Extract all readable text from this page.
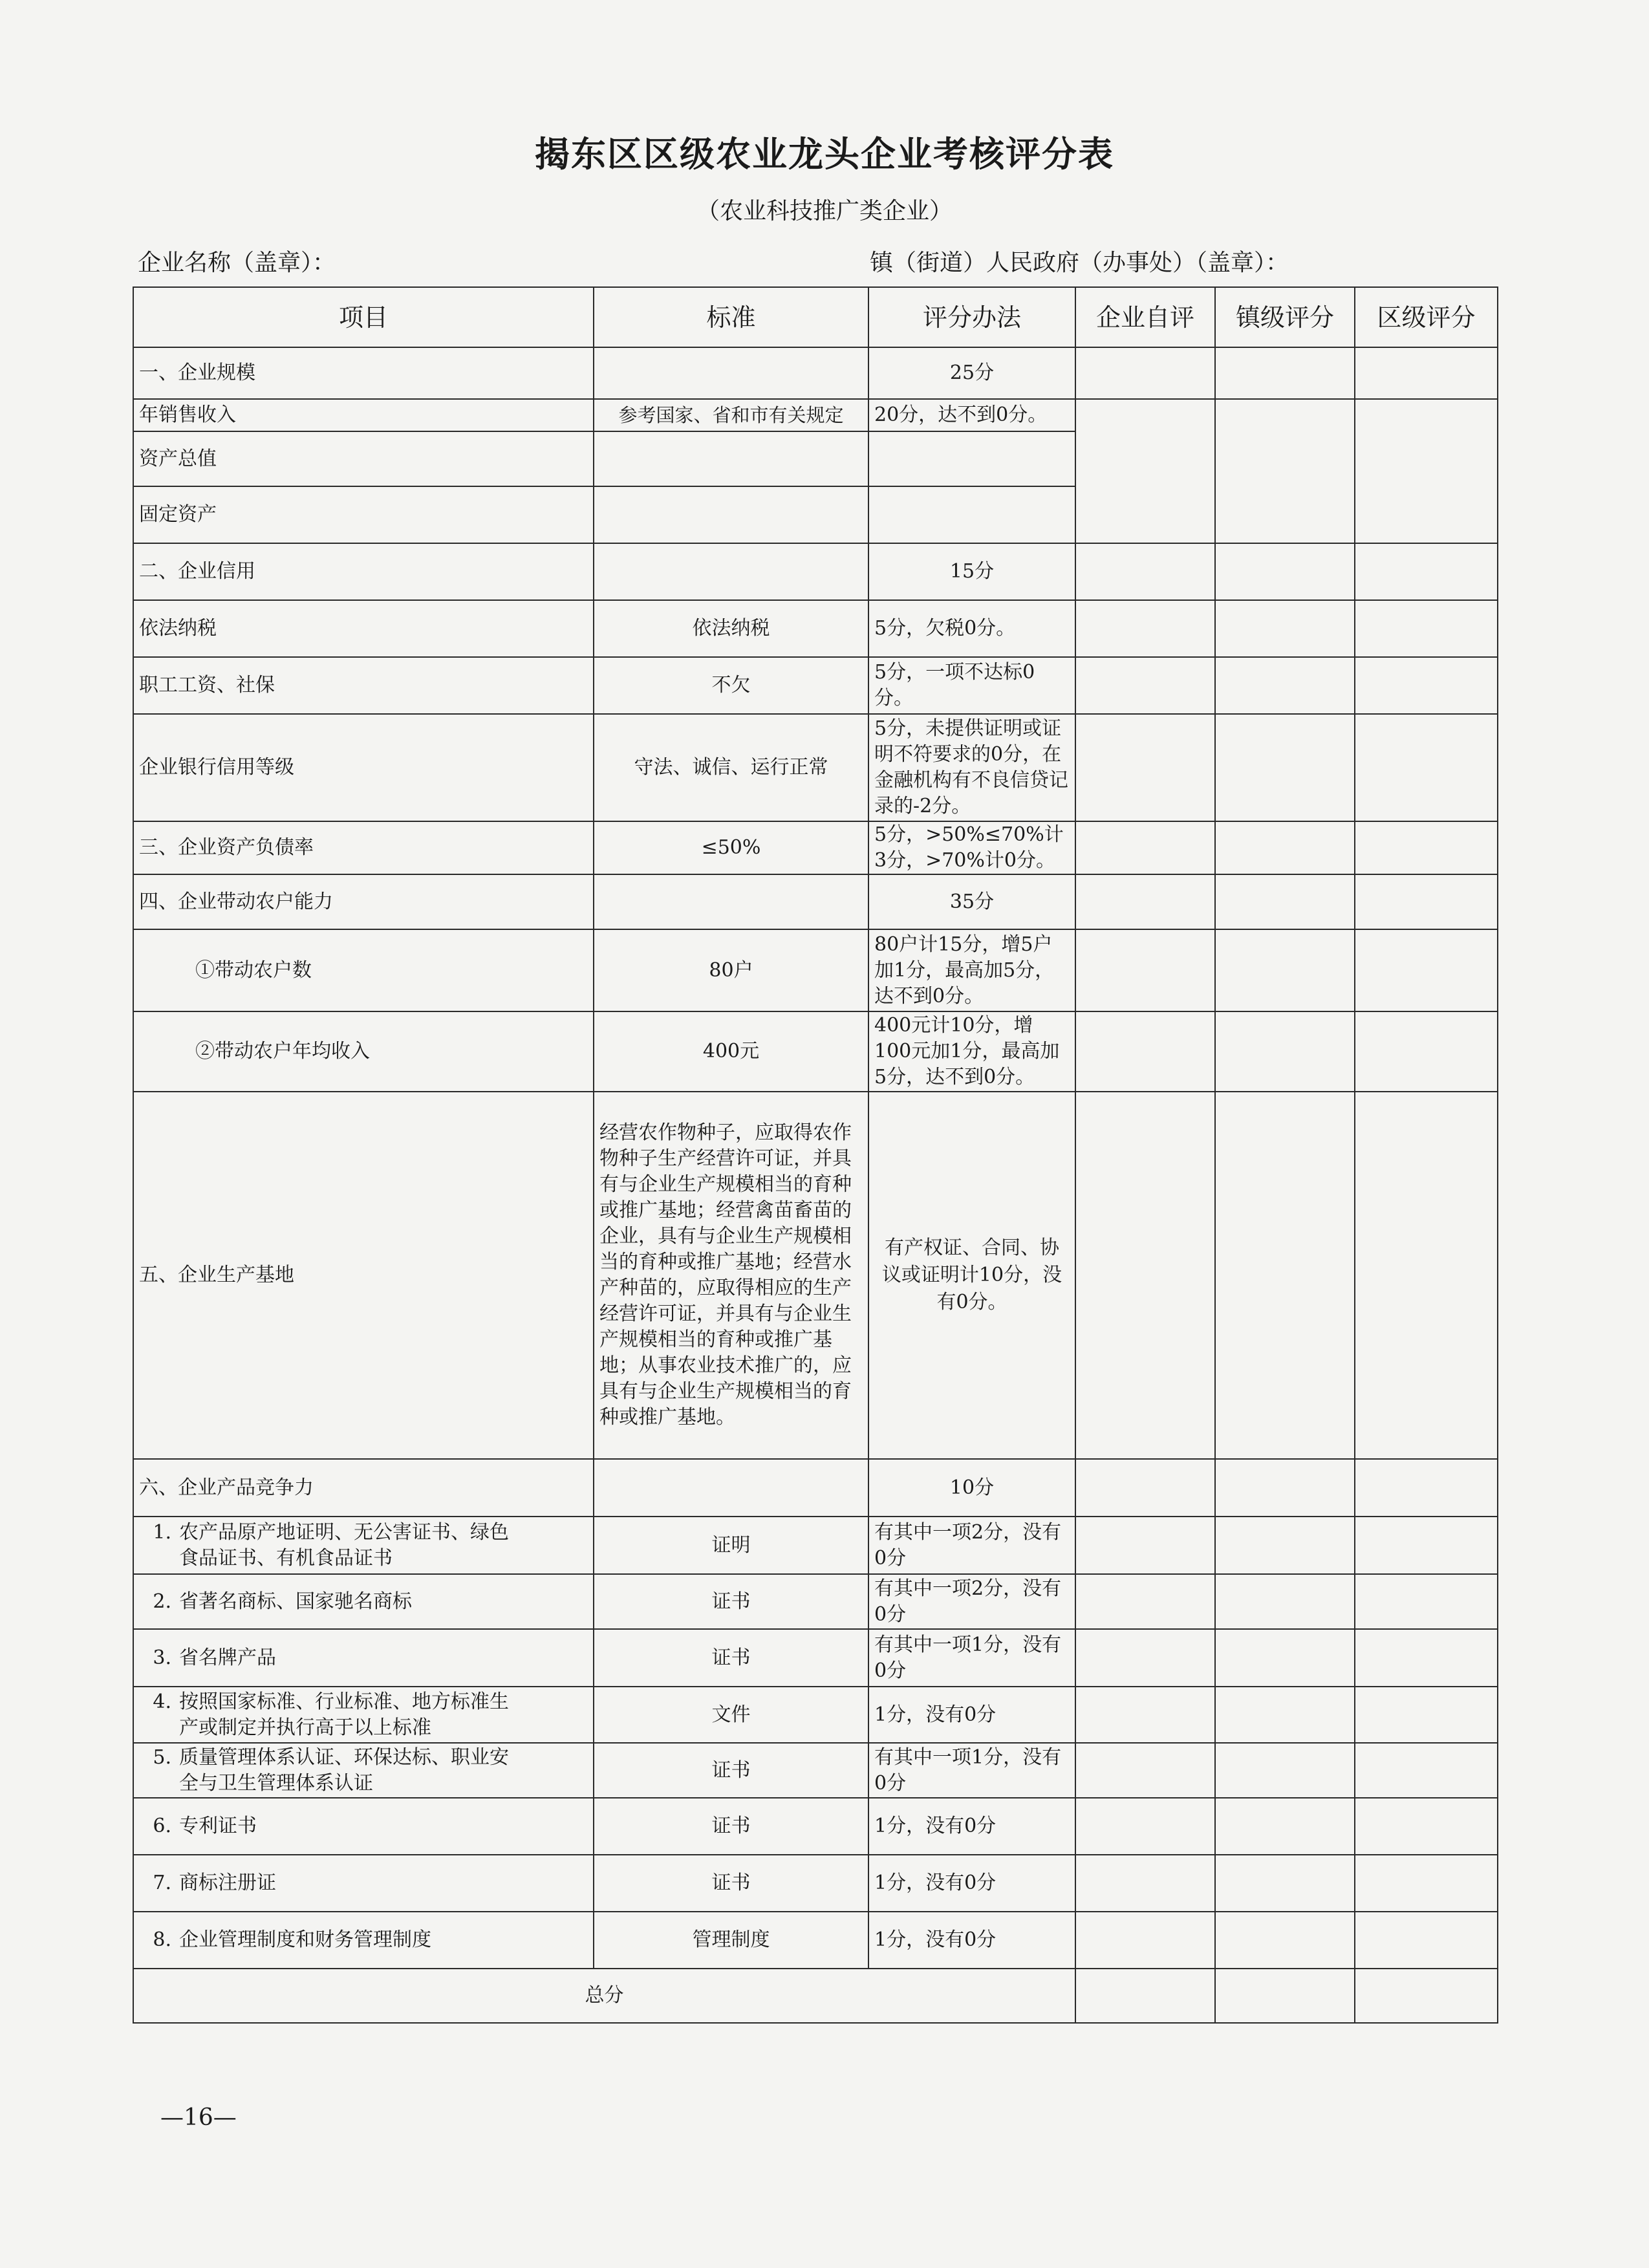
揭东区区级农业龙头企业考核评分表
（农业科技推广类企业）
企业名称（盖章）：	镇（街道）人民政府（办事处）（盖章）：
项目	标准	评分办法	企业自评	镇级评分	区级评分
一、企业规模		25分			
年销售收入	参考国家、省和市有关规定	20分，达不到0分。			
资产总值					
固定资产					
二、企业信用		15分			
依法纳税	依法纳税	5分，欠税0分。			
职工工资、社保	不欠	5分，一项不达标0分。			
企业银行信用等级	守法、诚信、运行正常	5分，未提供证明或证明不符要求的0分，在金融机构有不良信贷记录的-2分。			
三、企业资产负债率	≤50%	5分，>50%≤70%计3分，>70%计0分。			
四、企业带动农户能力		35分			
①带动农户数	80户	80户计15分，增5户加1分，最高加5分，达不到0分。			
②带动农户年均收入	400元	400元计10分，增100元加1分，最高加5分，达不到0分。			
五、企业生产基地	经营农作物种子，应取得农作物种子生产经营许可证，并具有与企业生产规模相当的育种或推广基地；经营禽苗畜苗的企业，具有与企业生产规模相当的育种或推广基地；经营水产种苗的，应取得相应的生产经营许可证，并具有与企业生产规模相当的育种或推广基地；从事农业技术推广的，应具有与企业生产规模相当的育种或推广基地。	有产权证、合同、协议或证明计10分，没有0分。			
六、企业产品竞争力		10分			
1. 农产品原产地证明、无公害证书、绿色食品证书、有机食品证书	证明	有其中一项2分，没有0分			
2. 省著名商标、国家驰名商标	证书	有其中一项2分，没有0分			
3. 省名牌产品	证书	有其中一项1分，没有0分			
4. 按照国家标准、行业标准、地方标准生产或制定并执行高于以上标准	文件	1分，没有0分			
5. 质量管理体系认证、环保达标、职业安全与卫生管理体系认证	证书	有其中一项1分，没有0分			
6. 专利证书	证书	1分，没有0分			
7. 商标注册证	证书	1分，没有0分			
8. 企业管理制度和财务管理制度	管理制度	1分，没有0分			
总分					
—16—
